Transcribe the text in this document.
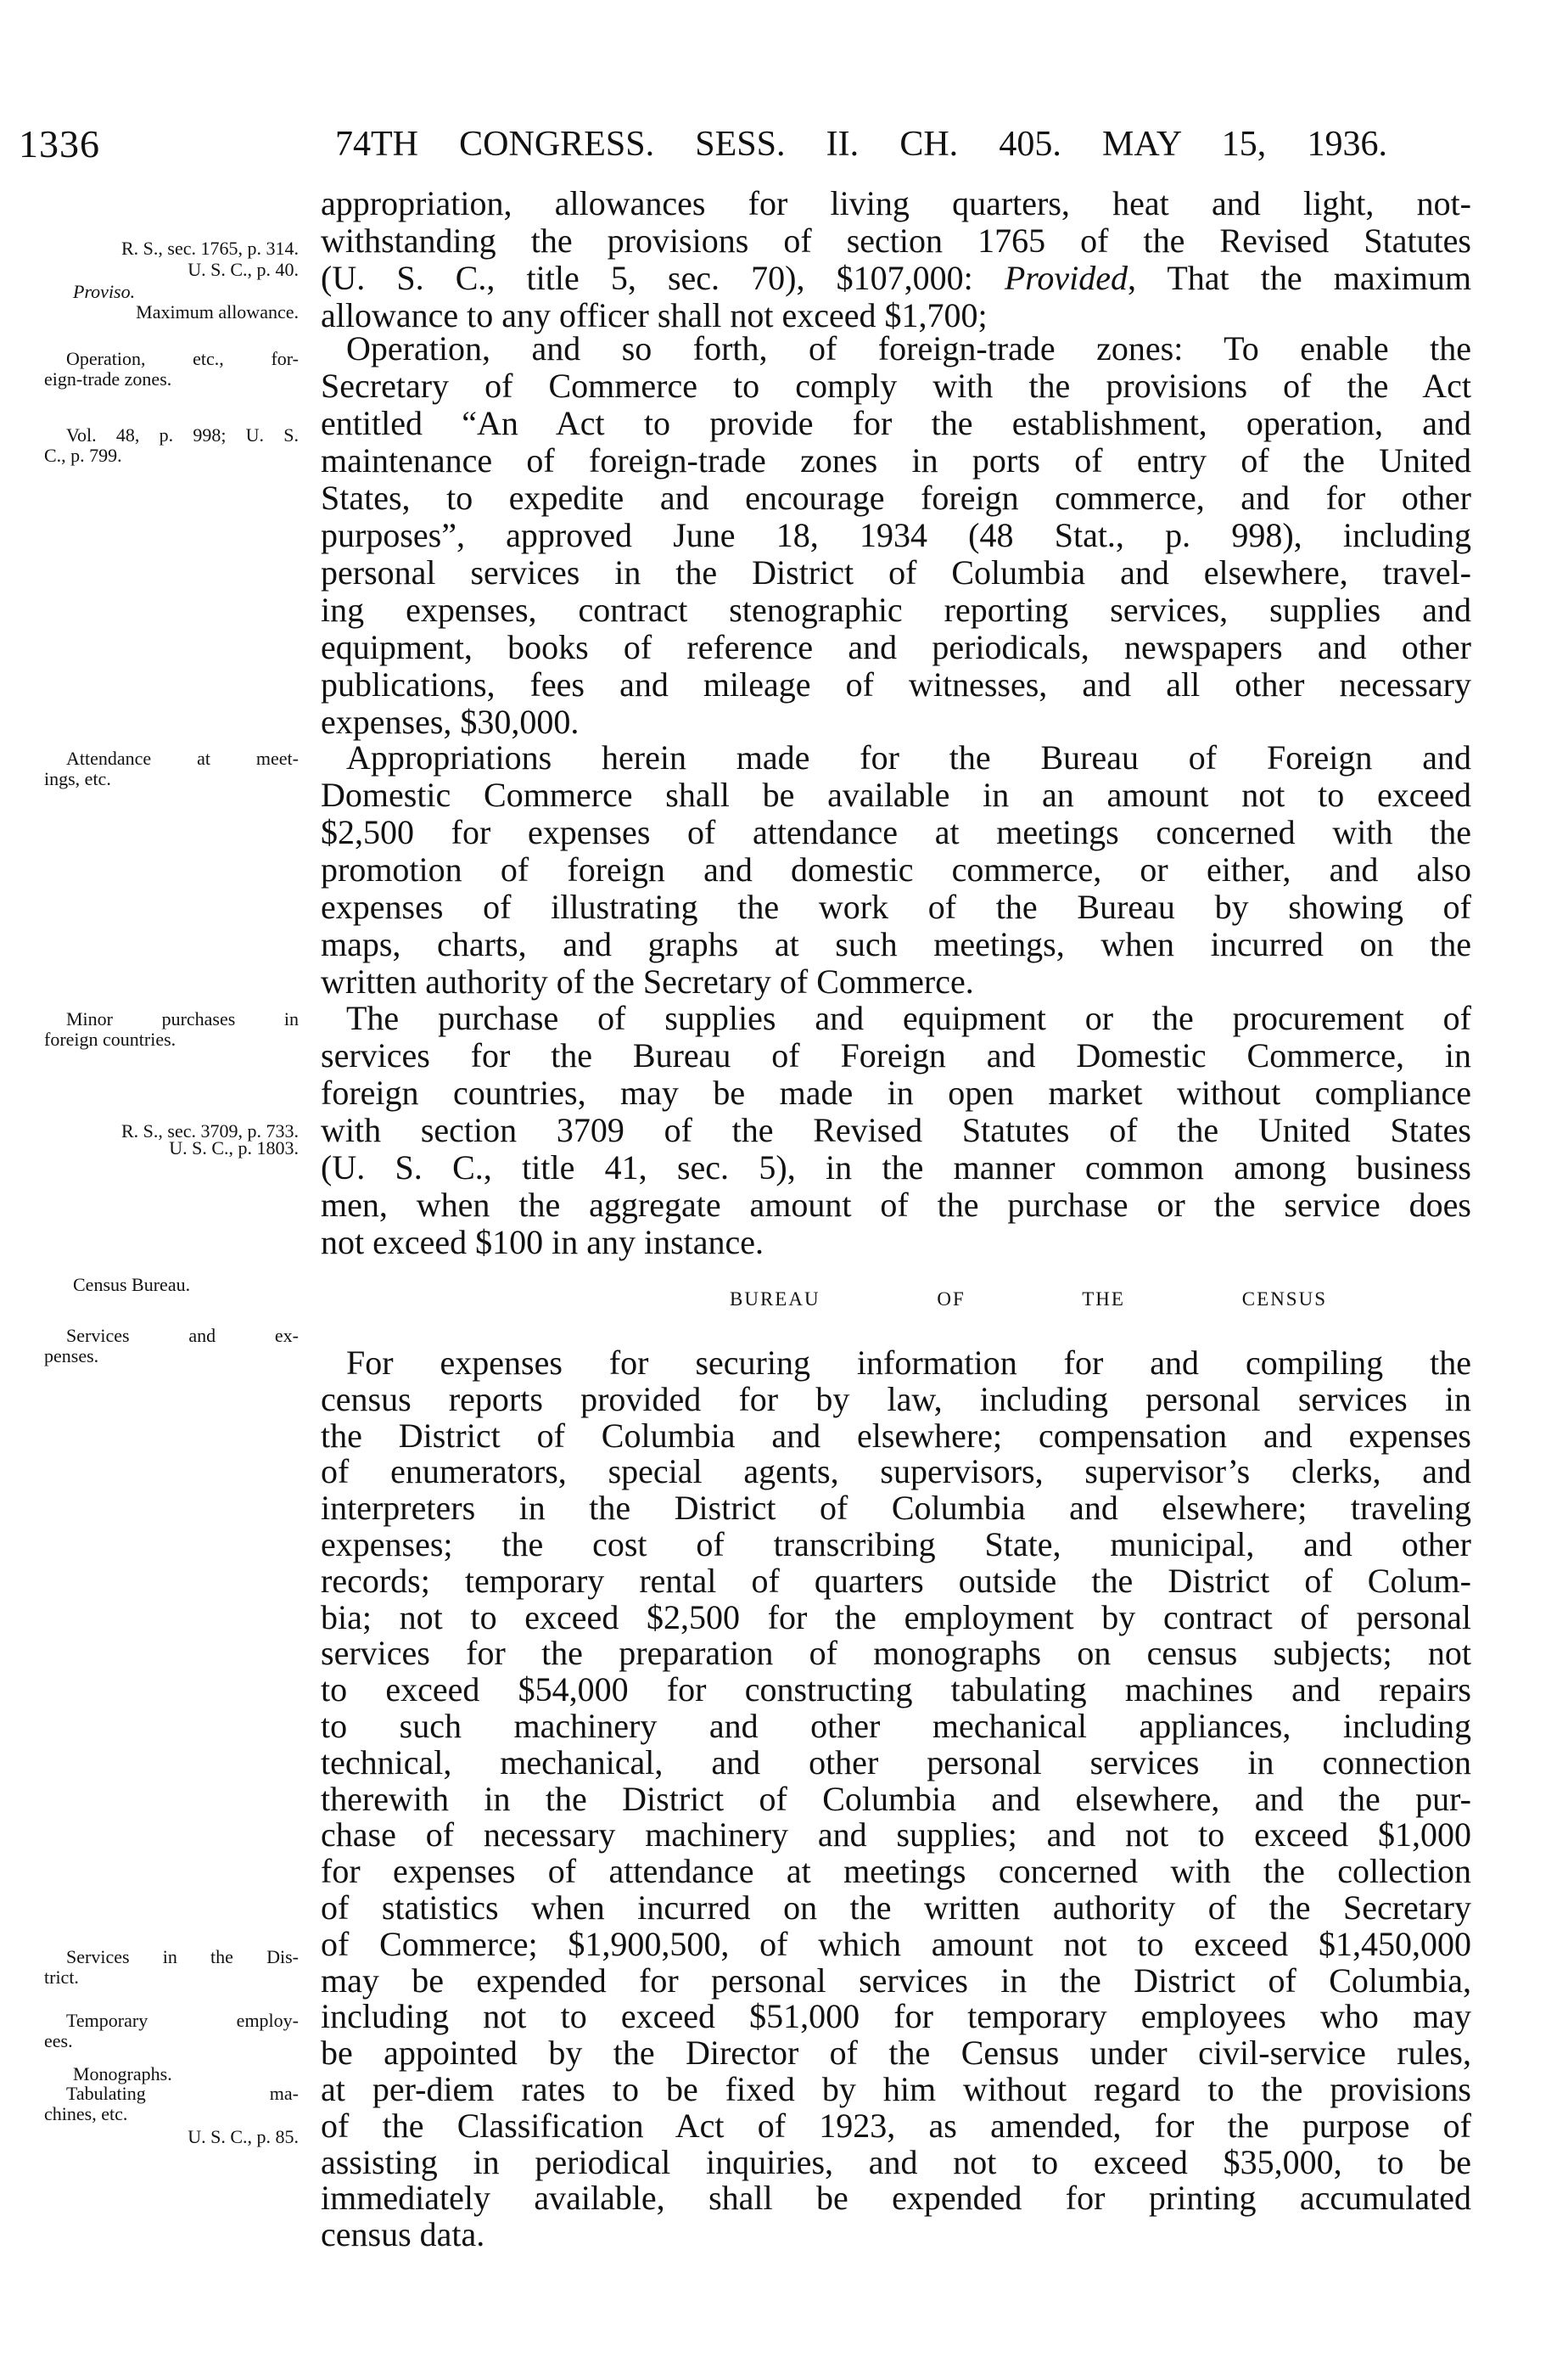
1336	74TH CONGRESS. SESS. II. CH. 405. MAY 15, 1936.
BUREAU OF THE CENSUS
appropriation, allowances for living quarters, heat and light, not-
withstanding the provisions of section 1765 of the Revised Statutes
(U. S. C., title 5, sec. 70), $107,000: Provided, That the maximum
allowance to any officer shall not exceed $1,700;
Operation, and so forth, of foreign-trade zones: To enable the
Secretary of Commerce to comply with the provisions of the Act
entitled “An Act to provide for the establishment, operation, and
maintenance of foreign-trade zones in ports of entry of the United
States, to expedite and encourage foreign commerce, and for other
purposes”, approved June 18, 1934 (48 Stat., p. 998), including
personal services in the District of Columbia and elsewhere, travel-
ing expenses, contract stenographic reporting services, supplies and
equipment, books of reference and periodicals, newspapers and other
publications, fees and mileage of witnesses, and all other necessary
expenses, $30,000.
Appropriations herein made for the Bureau of Foreign and
Domestic Commerce shall be available in an amount not to exceed
$2,500 for expenses of attendance at meetings concerned with the
promotion of foreign and domestic commerce, or either, and also
expenses of illustrating the work of the Bureau by showing of
maps, charts, and graphs at such meetings, when incurred on the
written authority of the Secretary of Commerce.
The purchase of supplies and equipment or the procurement of
services for the Bureau of Foreign and Domestic Commerce, in
foreign countries, may be made in open market without compliance
with section 3709 of the Revised Statutes of the United States
(U. S. C., title 41, sec. 5), in the manner common among business
men, when the aggregate amount of the purchase or the service does
not exceed $100 in any instance.
For expenses for securing information for and compiling the
census reports provided for by law, including personal services in
the District of Columbia and elsewhere; compensation and expenses
of enumerators, special agents, supervisors, supervisor’s clerks, and
interpreters in the District of Columbia and elsewhere; traveling
expenses; the cost of transcribing State, municipal, and other
records; temporary rental of quarters outside the District of Colum-
bia; not to exceed $2,500 for the employment by contract of personal
services for the preparation of monographs on census subjects; not
to exceed $54,000 for constructing tabulating machines and repairs
to such machinery and other mechanical appliances, including
technical, mechanical, and other personal services in connection
therewith in the District of Columbia and elsewhere, and the pur-
chase of necessary machinery and supplies; and not to exceed $1,000
for expenses of attendance at meetings concerned with the collection
of statistics when incurred on the written authority of the Secretary
of Commerce; $1,900,500, of which amount not to exceed $1,450,000
may be expended for personal services in the District of Columbia,
including not to exceed $51,000 for temporary employees who may
be appointed by the Director of the Census under civil-service rules,
at per-diem rates to be fixed by him without regard to the provisions
of the Classification Act of 1923, as amended, for the purpose of
assisting in periodical inquiries, and not to exceed $35,000, to be
immediately available, shall be expended for printing accumulated
census data.
R. S., sec. 1765, p. 314.
U. S. C., p. 40.
Proviso.
Maximum allowance.
Operation, etc., for-
eign-trade zones.
Vol. 48, p. 998; U. S.
C., p. 799.
Attendance at meet-
ings, etc.
Minor purchases in
foreign countries.
R. S., sec. 3709, p. 733.
U. S. C., p. 1803.
Census Bureau.
Services and ex-
penses.
Monographs.
Tabulating ma-
chines, etc.
Services in the Dis-
trict.
Temporary employ-
ees.
U. S. C., p. 85.
